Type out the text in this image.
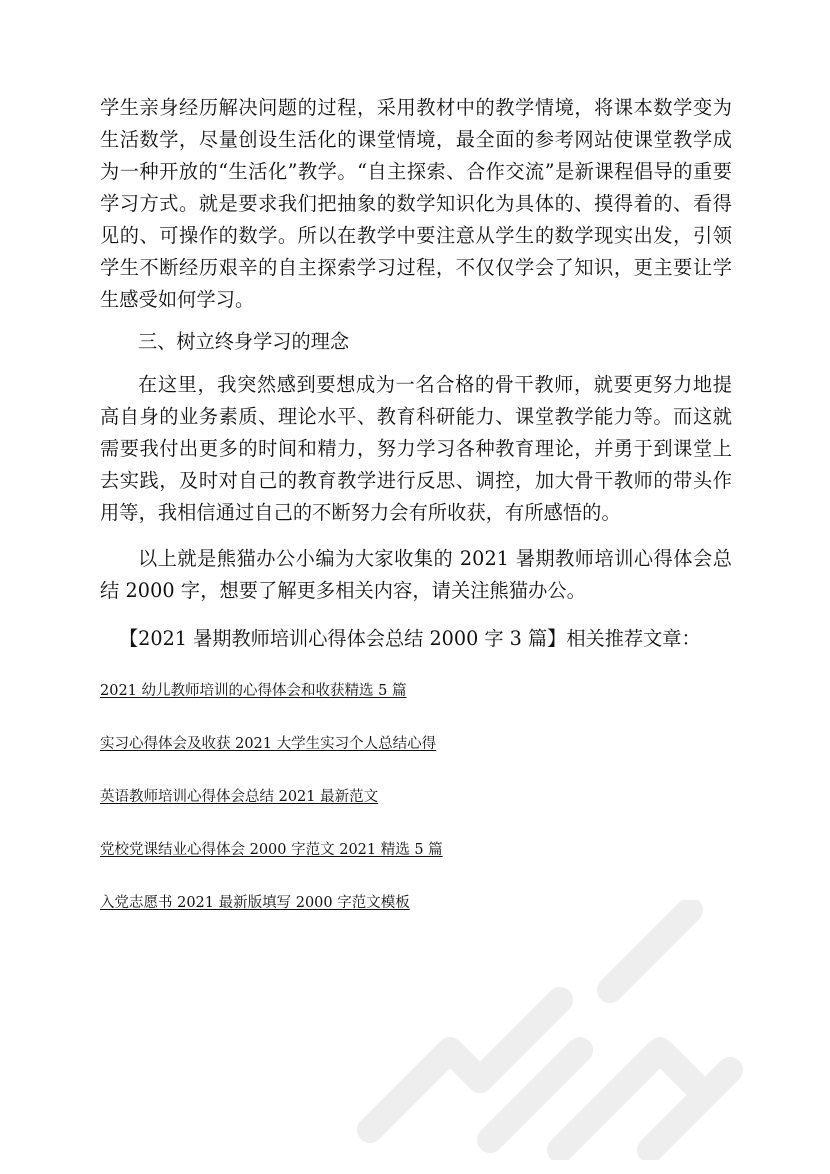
学生亲身经历解决问题的过程，采用教材中的教学情境，将课本数学变为生活数学，尽量创设生活化的课堂情境，最全面的参考网站使课堂教学成为一种开放的“生活化”教学。“自主探索、合作交流”是新课程倡导的重要学习方式。就是要求我们把抽象的数学知识化为具体的、摸得着的、看得见的、可操作的数学。所以在教学中要注意从学生的数学现实出发，引领学生不断经历艰辛的自主探索学习过程，不仅仅学会了知识，更主要让学生感受如何学习。

三、树立终身学习的理念

在这里，我突然感到要想成为一名合格的骨干教师，就要更努力地提高自身的业务素质、理论水平、教育科研能力、课堂教学能力等。而这就需要我付出更多的时间和精力，努力学习各种教育理论，并勇于到课堂上去实践，及时对自己的教育教学进行反思、调控，加大骨干教师的带头作用等，我相信通过自己的不断努力会有所收获，有所感悟的。

以上就是熊猫办公小编为大家收集的 2021 暑期教师培训心得体会总结 2000 字，想要了解更多相关内容，请关注熊猫办公。

【2021 暑期教师培训心得体会总结 2000 字 3 篇】相关推荐文章：

2021 幼儿教师培训的心得体会和收获精选 5 篇
实习心得体会及收获 2021 大学生实习个人总结心得
英语教师培训心得体会总结 2021 最新范文
党校党课结业心得体会 2000 字范文 2021 精选 5 篇
入党志愿书 2021 最新版填写 2000 字范文模板
